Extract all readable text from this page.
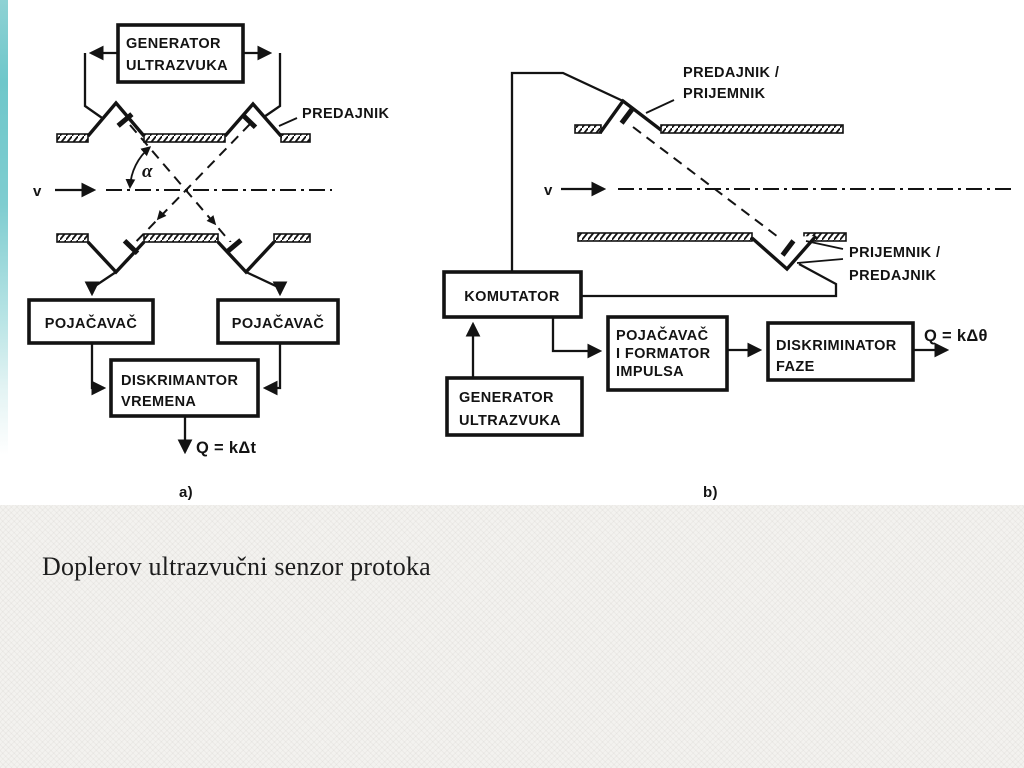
GENERATOR
ULTRAZVUKA
PREDAJNIK
v
α
POJAČAVAČ	POJAČAVAČ
DISKRIMANTOR
VREMENA
Q = kΔt
a)
PREDAJNIK /
PRIJEMNIK
v
PRIJEMNIK /
PREDAJNIK
KOMUTATOR
GENERATOR
ULTRAZVUKA
POJAČAVAČ
I FORMATOR
IMPULSA
DISKRIMINATOR
FAZE
Q = kΔθ
b)
Doplerov ultrazvučni senzor protoka
